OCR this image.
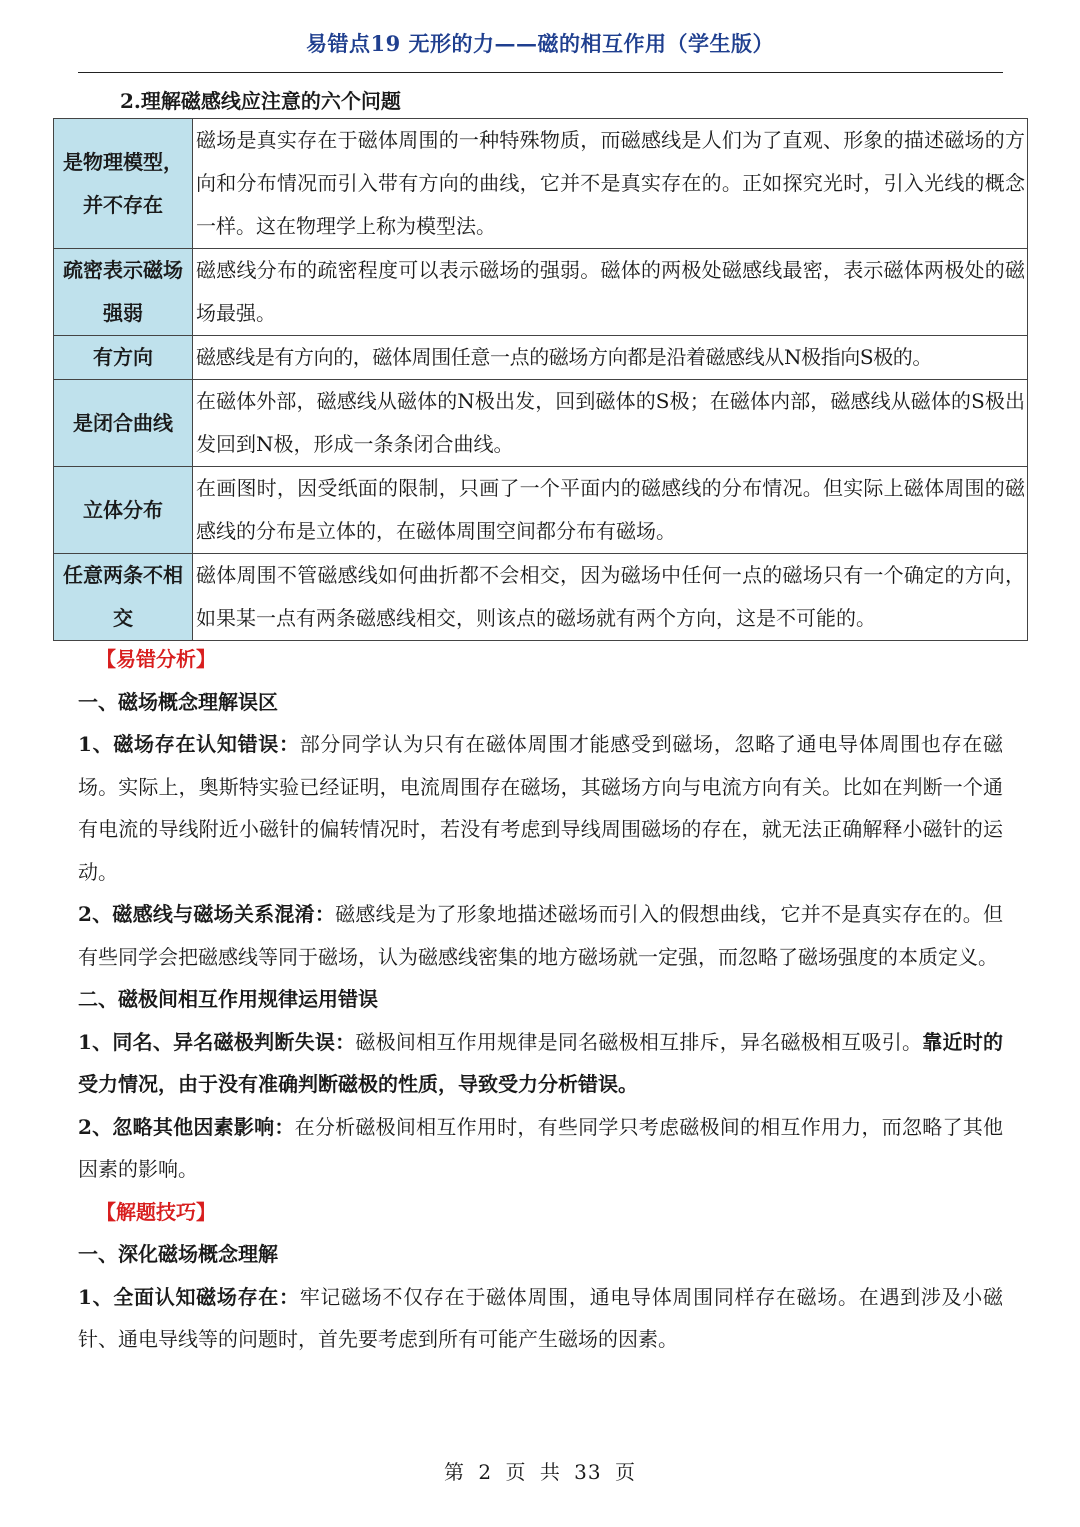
易错点19 无形的力——磁的相互作用（学生版）
2.理解磁感线应注意的六个问题
是物理模型，并不存在	磁场是真实存在于磁体周围的一种特殊物质，而磁感线是人们为了直观、形象的描述磁场的方向和分布情况而引入带有方向的曲线，它并不是真实存在的。正如探究光时，引入光线的概念一样。这在物理学上称为模型法。
疏密表示磁场强弱	磁感线分布的疏密程度可以表示磁场的强弱。磁体的两极处磁感线最密，表示磁体两极处的磁场最强。
有方向	磁感线是有方向的，磁体周围任意一点的磁场方向都是沿着磁感线从N极指向S极的。
是闭合曲线	在磁体外部，磁感线从磁体的N极出发，回到磁体的S极；在磁体内部，磁感线从磁体的S极出发回到N极，形成一条条闭合曲线。
立体分布	在画图时，因受纸面的限制，只画了一个平面内的磁感线的分布情况。但实际上磁体周围的磁感线的分布是立体的，在磁体周围空间都分布有磁场。
任意两条不相交	磁体周围不管磁感线如何曲折都不会相交，因为磁场中任何一点的磁场只有一个确定的方向，如果某一点有两条磁感线相交，则该点的磁场就有两个方向，这是不可能的。

【易错分析】

一、磁场概念理解误区

1、磁场存在认知错误：部分同学认为只有在磁体周围才能感受到磁场，忽略了通电导体周围也存在磁场。实际上，奥斯特实验已经证明，电流周围存在磁场，其磁场方向与电流方向有关。比如在判断一个通有电流的导线附近小磁针的偏转情况时，若没有考虑到导线周围磁场的存在，就无法正确解释小磁针的运动。

2、磁感线与磁场关系混淆：磁感线是为了形象地描述磁场而引入的假想曲线，它并不是真实存在的。但有些同学会把磁感线等同于磁场，认为磁感线密集的地方磁场就一定强，而忽略了磁场强度的本质定义。

二、磁极间相互作用规律运用错误

1、同名、异名磁极判断失误：磁极间相互作用规律是同名磁极相互排斥，异名磁极相互吸引。靠近时的受力情况，由于没有准确判断磁极的性质，导致受力分析错误。

2、忽略其他因素影响：在分析磁极间相互作用时，有些同学只考虑磁极间的相互作用力，而忽略了其他因素的影响。

【解题技巧】

一、深化磁场概念理解

1、全面认知磁场存在：牢记磁场不仅存在于磁体周围，通电导体周围同样存在磁场。在遇到涉及小磁针、通电导线等的问题时，首先要考虑到所有可能产生磁场的因素。

第 2 页 共 33 页
